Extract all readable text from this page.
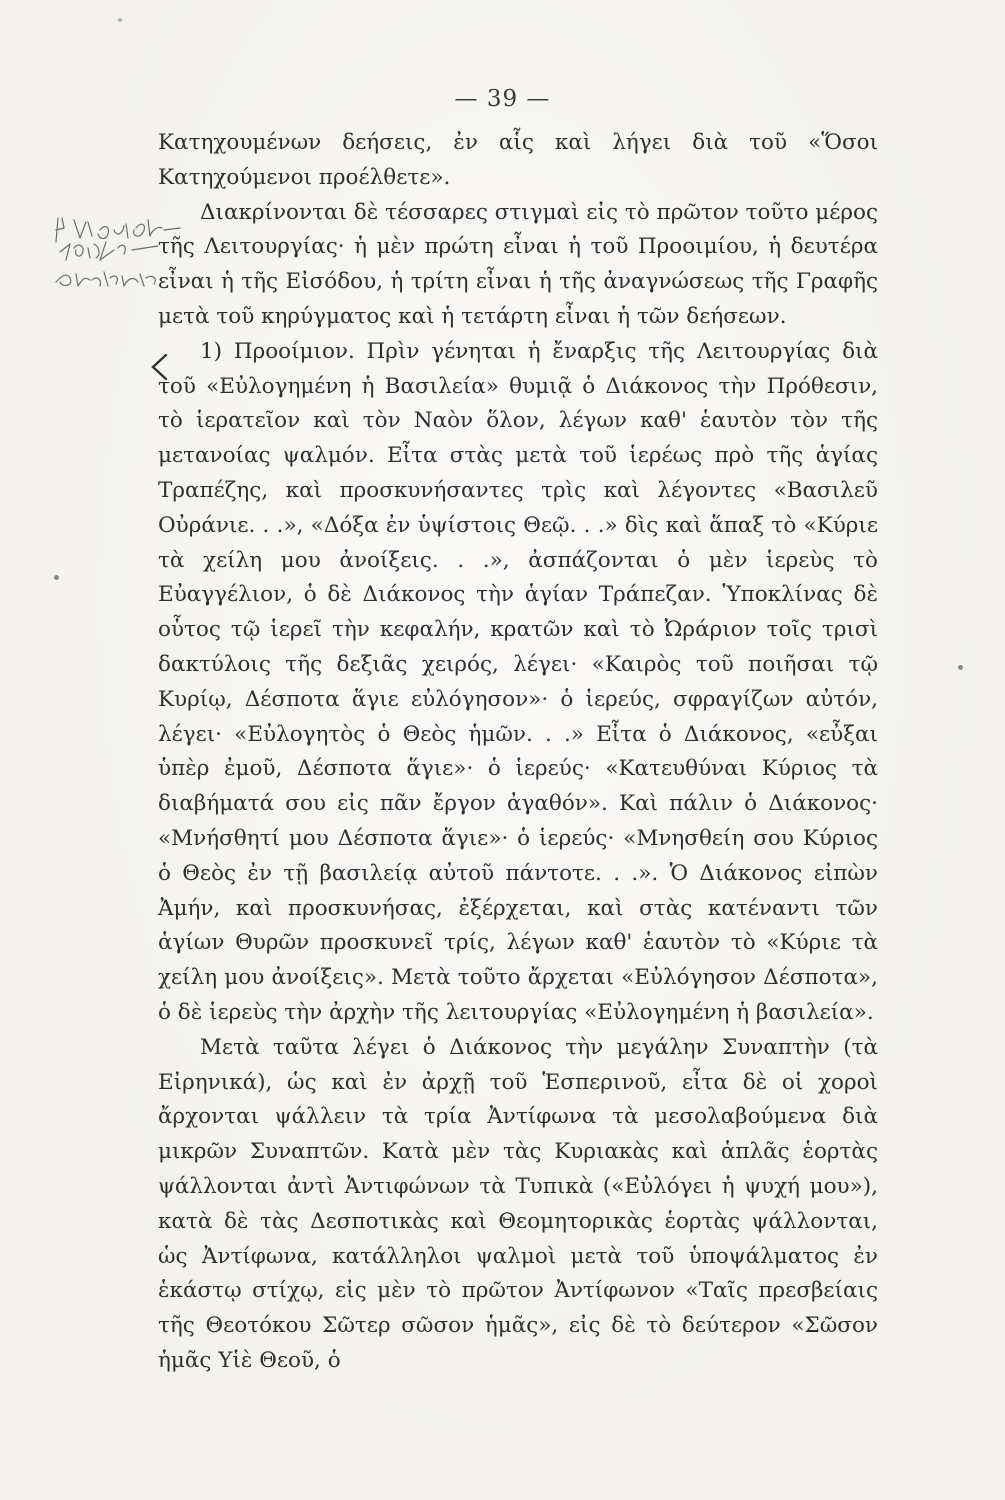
— 39 —

Κατηχουμένων δεήσεις, ἐν αἷς καὶ λήγει διὰ τοῦ «Ὅσοι Κατηχούμενοι προέλθετε».

Διακρίνονται δὲ τέσσαρες στιγμαὶ εἰς τὸ πρῶτον τοῦτο μέρος τῆς Λειτουργίας· ἡ μὲν πρώτη εἶναι ἡ τοῦ Προοιμίου, ἡ δευτέρα εἶναι ἡ τῆς Εἰσόδου, ἡ τρίτη εἶναι ἡ τῆς ἀναγνώσεως τῆς Γραφῆς μετὰ τοῦ κηρύγματος καὶ ἡ τετάρτη εἶναι ἡ τῶν δεήσεων.

1) Προοίμιον. Πρὶν γένηται ἡ ἔναρξις τῆς Λειτουργίας διὰ τοῦ «Εὐλογημένη ἡ Βασιλεία» θυμιᾷ ὁ Διάκονος τὴν Πρόθεσιν, τὸ ἱερατεῖον καὶ τὸν Ναὸν ὅλον, λέγων καθ' ἑαυτὸν τὸν τῆς μετανοίας ψαλμόν. Εἶτα στὰς μετὰ τοῦ ἱερέως πρὸ τῆς ἁγίας Τραπέζης, καὶ προσκυνήσαντες τρὶς καὶ λέγοντες «Βασιλεῦ Οὐράνιε. . .», «Δόξα ἐν ὑψίστοις Θεῷ. . .» δὶς καὶ ἅπαξ τὸ «Κύριε τὰ χείλη μου ἀνοίξεις. . .», ἀσπάζονται ὁ μὲν ἱερεὺς τὸ Εὐαγγέλιον, ὁ δὲ Διάκονος τὴν ἁγίαν Τράπεζαν. Ὑποκλίνας δὲ οὗτος τῷ ἱερεῖ τὴν κεφαλήν, κρατῶν καὶ τὸ Ὠράριον τοῖς τρισὶ δακτύλοις τῆς δεξιᾶς χειρός, λέγει· «Καιρὸς τοῦ ποιῆσαι τῷ Κυρίῳ, Δέσποτα ἅγιε εὐλόγησον»· ὁ ἱερεύς, σφραγίζων αὐτόν, λέγει· «Εὐλογητὸς ὁ Θεὸς ἡμῶν. . .» Εἶτα ὁ Διάκονος, «εὖξαι ὑπὲρ ἐμοῦ, Δέσποτα ἅγιε»· ὁ ἱερεύς· «Κατευθύναι Κύριος τὰ διαβήματά σου εἰς πᾶν ἔργον ἀγαθόν». Καὶ πάλιν ὁ Διάκονος· «Μνήσθητί μου Δέσποτα ἅγιε»· ὁ ἱερεύς· «Μνησθείη σου Κύριος ὁ Θεὸς ἐν τῇ βασιλείᾳ αὐτοῦ πάντοτε. . .». Ὁ Διάκονος εἰπὼν Ἀμήν, καὶ προσκυνήσας, ἐξέρχεται, καὶ στὰς κατέναντι τῶν ἁγίων Θυρῶν προσκυνεῖ τρίς, λέγων καθ' ἑαυτὸν τὸ «Κύριε τὰ χείλη μου ἀνοίξεις». Μετὰ τοῦτο ἄρχεται «Εὐλόγησον Δέσποτα», ὁ δὲ ἱερεὺς τὴν ἀρχὴν τῆς λειτουργίας «Εὐλογημένη ἡ βασιλεία».

Μετὰ ταῦτα λέγει ὁ Διάκονος τὴν μεγάλην Συναπτὴν (τὰ Εἰρηνικά), ὡς καὶ ἐν ἀρχῇ τοῦ Ἑσπερινοῦ, εἶτα δὲ οἱ χοροὶ ἄρχονται ψάλλειν τὰ τρία Ἀντίφωνα τὰ μεσολαβούμενα διὰ μικρῶν Συναπτῶν. Κατὰ μὲν τὰς Κυριακὰς καὶ ἁπλᾶς ἑορτὰς ψάλλονται ἀντὶ Ἀντιφώνων τὰ Τυπικὰ («Εὐλόγει ἡ ψυχή μου»), κατὰ δὲ τὰς Δεσποτικὰς καὶ Θεομητορικὰς ἑορτὰς ψάλλονται, ὡς Ἀντίφωνα, κατάλληλοι ψαλμοὶ μετὰ τοῦ ὑποψάλματος ἐν ἑκάστῳ στίχῳ, εἰς μὲν τὸ πρῶτον Ἀντίφωνον «Ταῖς πρεσβείαις τῆς Θεοτόκου Σῶτερ σῶσον ἡμᾶς», εἰς δὲ τὸ δεύτερον «Σῶσον ἡμᾶς Υἱὲ Θεοῦ, ὁ
